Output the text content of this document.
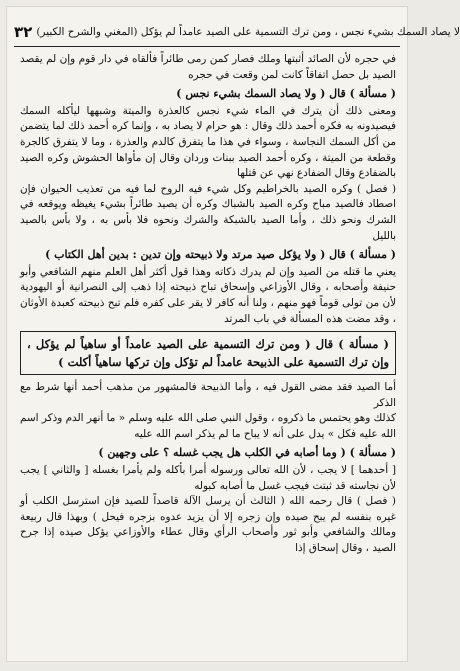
٣٢ لا يصاد السمك بشيء نجس ، ومن ترك التسمية على الصيد عامداً لم يؤكل (المغني والشرح الكبير)

في حجره لأن الصائد أثبتها وملك فصار كمن رمى طائراً فألقاه في دار قوم وإن لم يقصد الصيد بل حصل اتفاقاً كانت لمن وقعت في حجره

( مسألة ) قال ( ولا يصاد السمك بشيء نجس )

ومعنى ذلك أن يترك في الماء شيء نجس كالعذرة والميتة وشبهها ليأكله السمك فيصيدونه به فكره أحمد ذلك وقال : هو حرام لا يصاد به ، وإنما كره أحمد ذلك لما يتضمن من أكل السمك النجاسة ، وسواء في هذا ما يتفرق كالدم والعذرة ، وما لا يتفرق كالجرة وقطعة من الميتة ، وكره أحمد الصيد ببنات وردان وقال إن مأواها الحشوش وكره الصيد بالضفادع وقال الضفادع نهي عن قتلها

( فصل ) وكره الصيد بالخراطيم وكل شيء فيه الروح لما فيه من تعذيب الحيوان فإن اصطاد فالصيد مباح وكره الصيد بالشباك وكره أن يصيد طائراً بشيء يغيظه ويوقعه في الشرك ونحو ذلك ، وأما الصيد بالشبكة والشرك ونحوه فلا بأس به ، ولا بأس بالصيد بالليل

( مسألة ) قال ( ولا يؤكل صيد مرتد ولا ذبيحته وإن تدين : بدين أهل الكتاب )

يعني ما قتله من الصيد وإن لم يدرك ذكاته وهذا قول أكثر أهل العلم منهم الشافعي وأبو حنيفة وأصحابه ، وقال الأوزاعي وإسحاق تباح ذبيحته إذا ذهب إلى النصرانية أو اليهودية لأن من تولى قوماً فهو منهم ، ولنا أنه كافر لا يقر على كفره فلم تبح ذبيحته كعبدة الأوثان ، وقد مضت هذه المسألة في باب المرتد

( مسألة ) قال ( ومن ترك التسمية على الصيد عامداً أو ساهياً لم يؤكل ، وإن ترك التسمية على الذبيحة عامداً لم تؤكل وإن تركها ساهياً أكلت )

أما الصيد فقد مضى القول فيه ، وأما الذبيحة فالمشهور من مذهب أحمد أنها شرط مع الذكر

كذلك وهو يحتمس ما ذكروه ، وقول النبي صلى الله عليه وسلم « ما أنهر الدم وذكر اسم الله عليه فكل » يدل على أنه لا يباح ما لم يذكر اسم الله عليه

( مسألة ) ( وما أصابه في الكلب هل يجب غسله ؟ على وجهين )

[ أحدهما ] لا يجب ، لأن الله تعالى ورسوله أمرا بأكله ولم يأمرا بغسله [ والثاني ] يجب لأن نجاسته قد ثبتت فيجب غسل ما أصابه كبوله

( فصل ) قال رحمه الله ( الثالث أن يرسل الآلة قاصداً للصيد فإن استرسل الكلب أو غيره بنفسه لم يبح صيده وإن زجره إلا أن يزيد عدوه بزجره فيحل ) وبهذا قال ربيعة ومالك والشافعي وأبو ثور وأصحاب الرأي وقال عطاء والأوزاعي يؤكل صيده إذا جرح الصيد ، وقال إسحاق إذا
